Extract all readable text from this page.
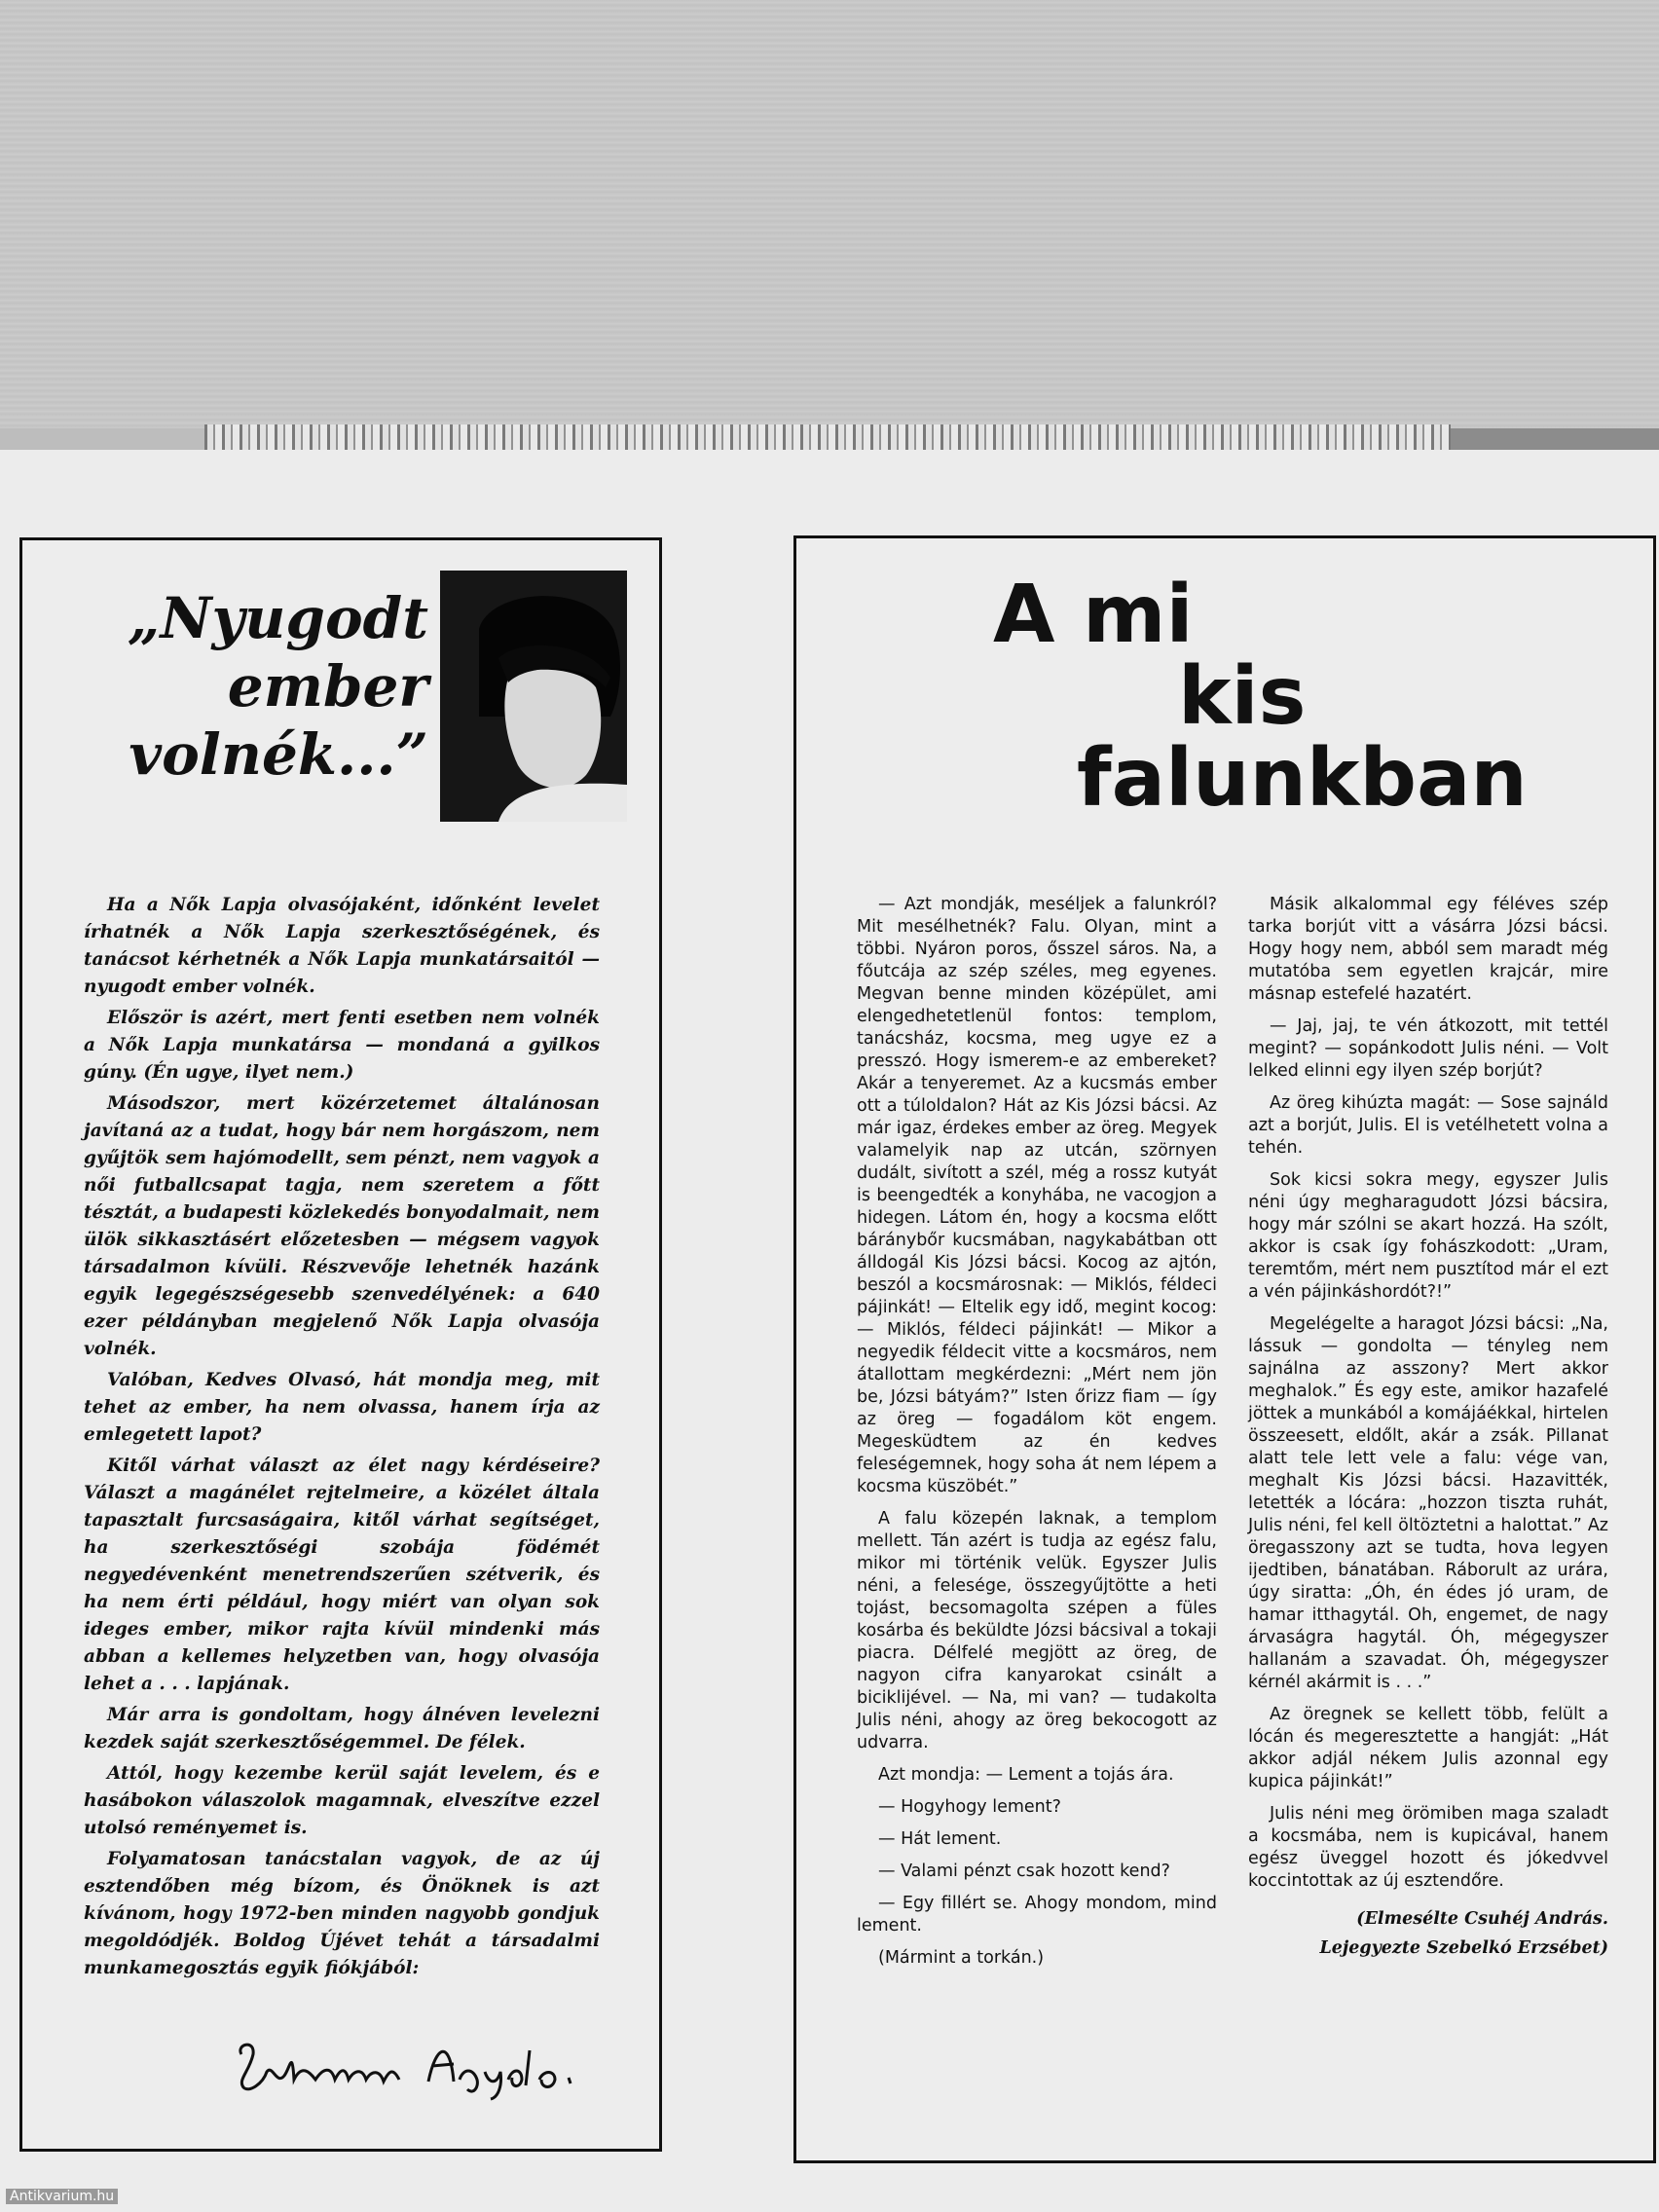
„Nyugodt
ember
volnék...”

Ha a Nők Lapja olvasójaként, időnként levelet írhatnék a Nők Lapja szerkesztőségének, és tanácsot kérhetnék a Nők Lapja munkatársaitól — nyugodt ember volnék.

Először is azért, mert fenti esetben nem volnék a Nők Lapja munkatársa — mondaná a gyilkos gúny. (Én ugye, ilyet nem.)

Másodszor, mert közérzetemet általánosan javítaná az a tudat, hogy bár nem horgászom, nem gyűjtök sem hajómodellt, sem pénzt, nem vagyok a női futballcsapat tagja, nem szeretem a főtt tésztát, a budapesti közlekedés bonyodalmait, nem ülök sikkasztásért előzetesben — mégsem vagyok társadalmon kívüli. Részvevője lehetnék hazánk egyik legegészségesebb szenvedélyének: a 640 ezer példányban megjelenő Nők Lapja olvasója volnék.

Valóban, Kedves Olvasó, hát mondja meg, mit tehet az ember, ha nem olvassa, hanem írja az emlegetett lapot?

Kitől várhat választ az élet nagy kérdéseire? Választ a magánélet rejtelmeire, a közélet általa tapasztalt furcsaságaira, kitől várhat segítséget, ha szerkesztőségi szobája födémét negyedévenként menetrendszerűen szétverik, és ha nem érti például, hogy miért van olyan sok ideges ember, mikor rajta kívül mindenki más abban a kellemes helyzetben van, hogy olvasója lehet a . . . lapjának.

Már arra is gondoltam, hogy álnéven levelezni kezdek saját szerkesztőségemmel. De félek.

Attól, hogy kezembe kerül saját levelem, és e hasábokon válaszolok magamnak, elveszítve ezzel utolsó reményemet is.

Folyamatosan tanácstalan vagyok, de az új esztendőben még bízom, és Önöknek is azt kívánom, hogy 1972-ben minden nagyobb gondjuk megoldódjék. Boldog Újévet tehát a társadalmi munkamegosztás egyik fiókjából:

A mi
kis
falunkban

— Azt mondják, meséljek a falunkról? Mit mesélhetnék? Falu. Olyan, mint a többi. Nyáron poros, ősszel sáros. Na, a főutcája az szép széles, meg egyenes. Megvan benne minden középület, ami elengedhetetlenül fontos: templom, tanácsház, kocsma, meg ugye ez a presszó. Hogy ismerem-e az embereket? Akár a tenyeremet. Az a kucsmás ember ott a túloldalon? Hát az Kis Józsi bácsi. Az már igaz, érdekes ember az öreg. Megyek valamelyik nap az utcán, szörnyen dudált, sivított a szél, még a rossz kutyát is beengedték a konyhába, ne vacogjon a hidegen. Látom én, hogy a kocsma előtt báránybőr kucsmában, nagykabátban ott álldogál Kis Józsi bácsi. Kocog az ajtón, beszól a kocsmárosnak: — Miklós, féldeci pájinkát! — Eltelik egy idő, megint kocog: — Miklós, féldeci pájinkát! — Mikor a negyedik féldecit vitte a kocsmáros, nem átallottam megkérdezni: „Mért nem jön be, Józsi bátyám?” Isten őrizz fiam — így az öreg — fogadálom köt engem. Megesküdtem az én kedves feleségemnek, hogy soha át nem lépem a kocsma küszöbét.”

A falu közepén laknak, a templom mellett. Tán azért is tudja az egész falu, mikor mi történik velük. Egyszer Julis néni, a felesége, összegyűjtötte a heti tojást, becsomagolta szépen a füles kosárba és beküldte Józsi bácsival a tokaji piacra. Délfelé megjött az öreg, de nagyon cifra kanyarokat csinált a biciklijével. — Na, mi van? — tudakolta Julis néni, ahogy az öreg bekocogott az udvarra.

Azt mondja: — Lement a tojás ára.

— Hogyhogy lement?

— Hát lement.

— Valami pénzt csak hozott kend?

— Egy fillért se. Ahogy mondom, mind lement.

(Mármint a torkán.)

Másik alkalommal egy féléves szép tarka borjút vitt a vásárra Józsi bácsi. Hogy hogy nem, abból sem maradt még mutatóba sem egyetlen krajcár, mire másnap estefelé hazatért.

— Jaj, jaj, te vén átkozott, mit tettél megint? — sopánkodott Julis néni. — Volt lelked elinni egy ilyen szép borjút?

Az öreg kihúzta magát: — Sose sajnáld azt a borjút, Julis. El is vetélhetett volna a tehén.

Sok kicsi sokra megy, egyszer Julis néni úgy megharagudott Józsi bácsira, hogy már szólni se akart hozzá. Ha szólt, akkor is csak így fohászkodott: „Uram, teremtőm, mért nem pusztítod már el ezt a vén pájinkáshordót?!”

Megelégelte a haragot Józsi bácsi: „Na, lássuk — gondolta — tényleg nem sajnálna az asszony? Mert akkor meghalok.” És egy este, amikor hazafelé jöttek a munkából a komájáékkal, hirtelen összeesett, eldőlt, akár a zsák. Pillanat alatt tele lett vele a falu: vége van, meghalt Kis Józsi bácsi. Hazavitték, letették a lócára: „hozzon tiszta ruhát, Julis néni, fel kell öltöztetni a halottat.” Az öregasszony azt se tudta, hova legyen ijedtiben, bánatában. Ráborult az urára, úgy siratta: „Óh, én édes jó uram, de hamar itthagytál. Oh, engemet, de nagy árvaságra hagytál. Óh, mégegyszer hallanám a szavadat. Óh, mégegyszer kérnél akármit is . . .”

Az öregnek se kellett több, felült a lócán és megeresztette a hangját: „Hát akkor adjál nékem Julis azonnal egy kupica pájinkát!”

Julis néni meg örömiben maga szaladt a kocsmába, nem is kupicával, hanem egész üveggel hozott és jókedvvel koccintottak az új esztendőre.

(Elmeséltе Csuhéj András.
Lejegyezte Szebelkó Erzsébet)

Antikvarium.hu
